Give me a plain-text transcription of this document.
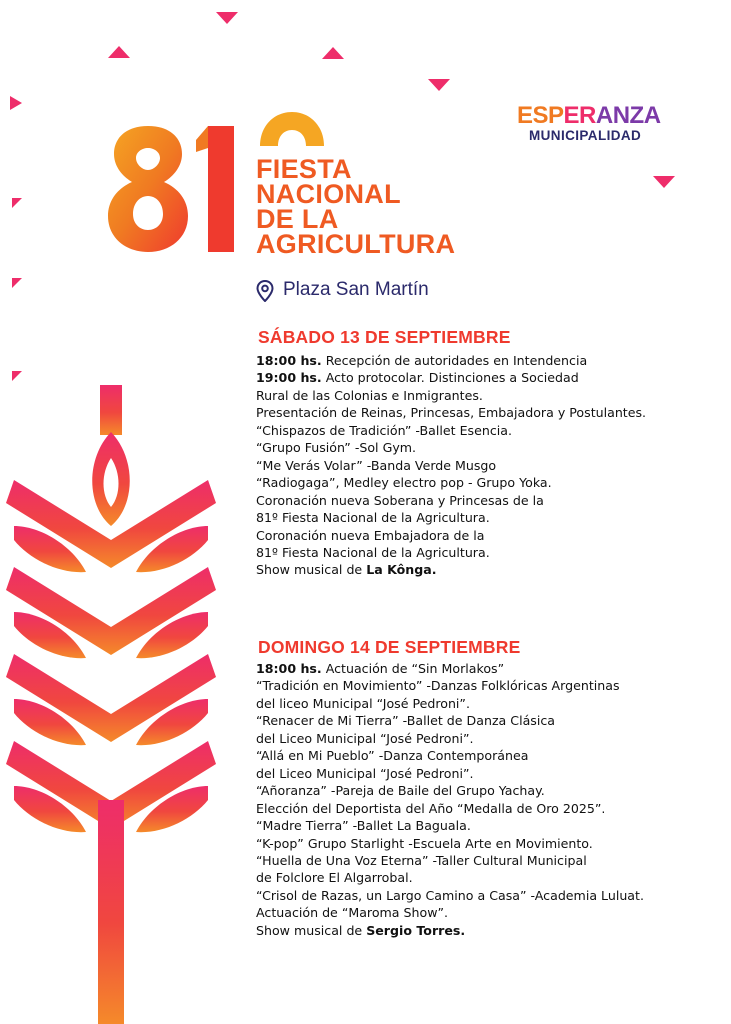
FIESTA
NACIONAL
DE LA
AGRICULTURA
ESPERANZA
MUNICIPALIDAD
Plaza San Martín
SÁBADO 13 DE SEPTIEMBRE
18:00 hs. Recepción de autoridades en Intendencia
19:00 hs. Acto protocolar. Distinciones a Sociedad
Rural de las Colonias e Inmigrantes.
Presentación de Reinas, Princesas, Embajadora y Postulantes.
“Chispazos de Tradición” -Ballet Esencia.
“Grupo Fusión” -Sol Gym.
“Me Verás Volar” -Banda Verde Musgo
“Radiogaga”, Medley electro pop - Grupo Yoka.
Coronación nueva Soberana y Princesas de la
81º Fiesta Nacional de la Agricultura.
Coronación nueva Embajadora de la
81º Fiesta Nacional de la Agricultura.
Show musical de La Kônga.
DOMINGO 14 DE SEPTIEMBRE
18:00 hs. Actuación de “Sin Morlakos”
“Tradición en Movimiento” -Danzas Folklóricas Argentinas
del liceo Municipal “José Pedroni”.
“Renacer de Mi Tierra” -Ballet de Danza Clásica
del Liceo Municipal “José Pedroni”.
“Allá en Mi Pueblo” -Danza Contemporánea
del Liceo Municipal “José Pedroni”.
“Añoranza” -Pareja de Baile del Grupo Yachay.
Elección del Deportista del Año “Medalla de Oro 2025”.
“Madre Tierra” -Ballet La Baguala.
“K-pop” Grupo Starlight -Escuela Arte en Movimiento.
“Huella de Una Voz Eterna” -Taller Cultural Municipal
de Folclore El Algarrobal.
“Crisol de Razas, un Largo Camino a Casa” -Academia Luluat.
Actuación de “Maroma Show”.
Show musical de Sergio Torres.
